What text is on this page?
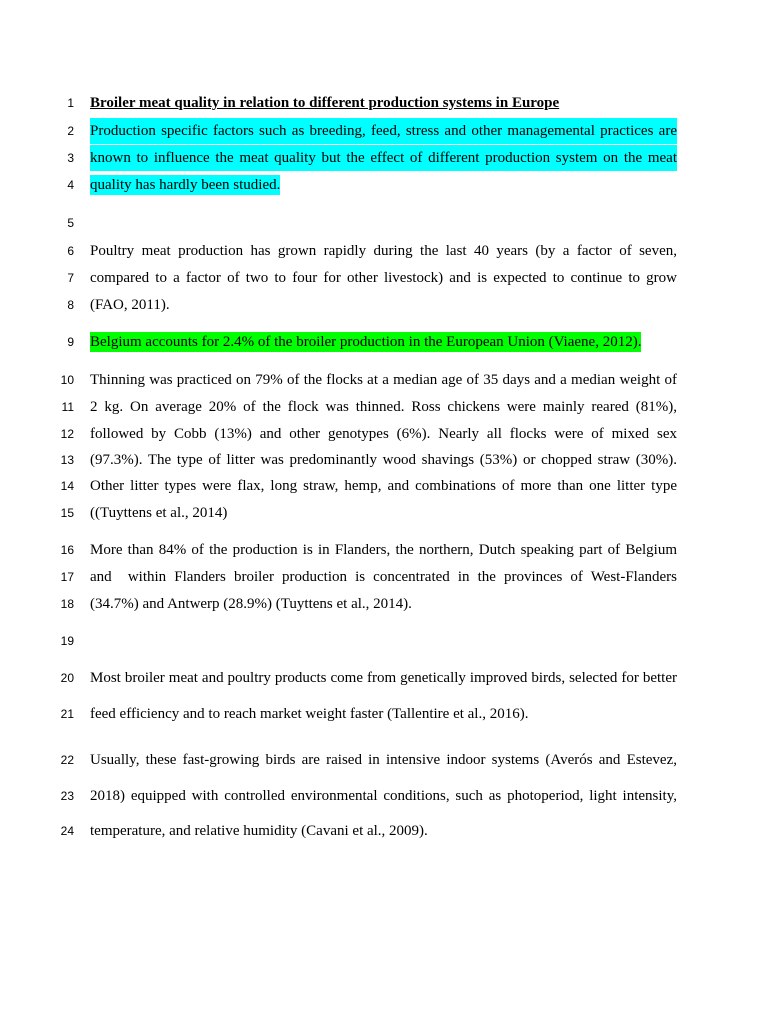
1 Broiler meat quality in relation to different production systems in Europe
2 Production specific factors such as breeding, feed, stress and other managemental practices are
3 known to influence the meat quality but the effect of different production system on the meat
4 quality has hardly been studied.
5
6 Poultry meat production has grown rapidly during the last 40 years (by a factor of seven,
7 compared to a factor of two to four for other livestock) and is expected to continue to grow
8 (FAO, 2011).
9 Belgium accounts for 2.4% of the broiler production in the European Union (Viaene, 2012).
10 Thinning was practiced on 79% of the flocks at a median age of 35 days and a median weight of
11 2 kg. On average 20% of the flock was thinned. Ross chickens were mainly reared (81%),
12 followed by Cobb (13%) and other genotypes (6%). Nearly all flocks were of mixed sex
13 (97.3%). The type of litter was predominantly wood shavings (53%) or chopped straw (30%).
14 Other litter types were flax, long straw, hemp, and combinations of more than one litter type
15 ((Tuyttens et al., 2014)
16 More than 84% of the production is in Flanders, the northern, Dutch speaking part of Belgium
17 and  within Flanders broiler production is concentrated in the provinces of West-Flanders
18 (34.7%) and Antwerp (28.9%) (Tuyttens et al., 2014).
19
20 Most broiler meat and poultry products come from genetically improved birds, selected for better
21 feed efficiency and to reach market weight faster (Tallentire et al., 2016).
22 Usually, these fast-growing birds are raised in intensive indoor systems (Averós and Estevez,
23 2018) equipped with controlled environmental conditions, such as photoperiod, light intensity,
24 temperature, and relative humidity (Cavani et al., 2009).
